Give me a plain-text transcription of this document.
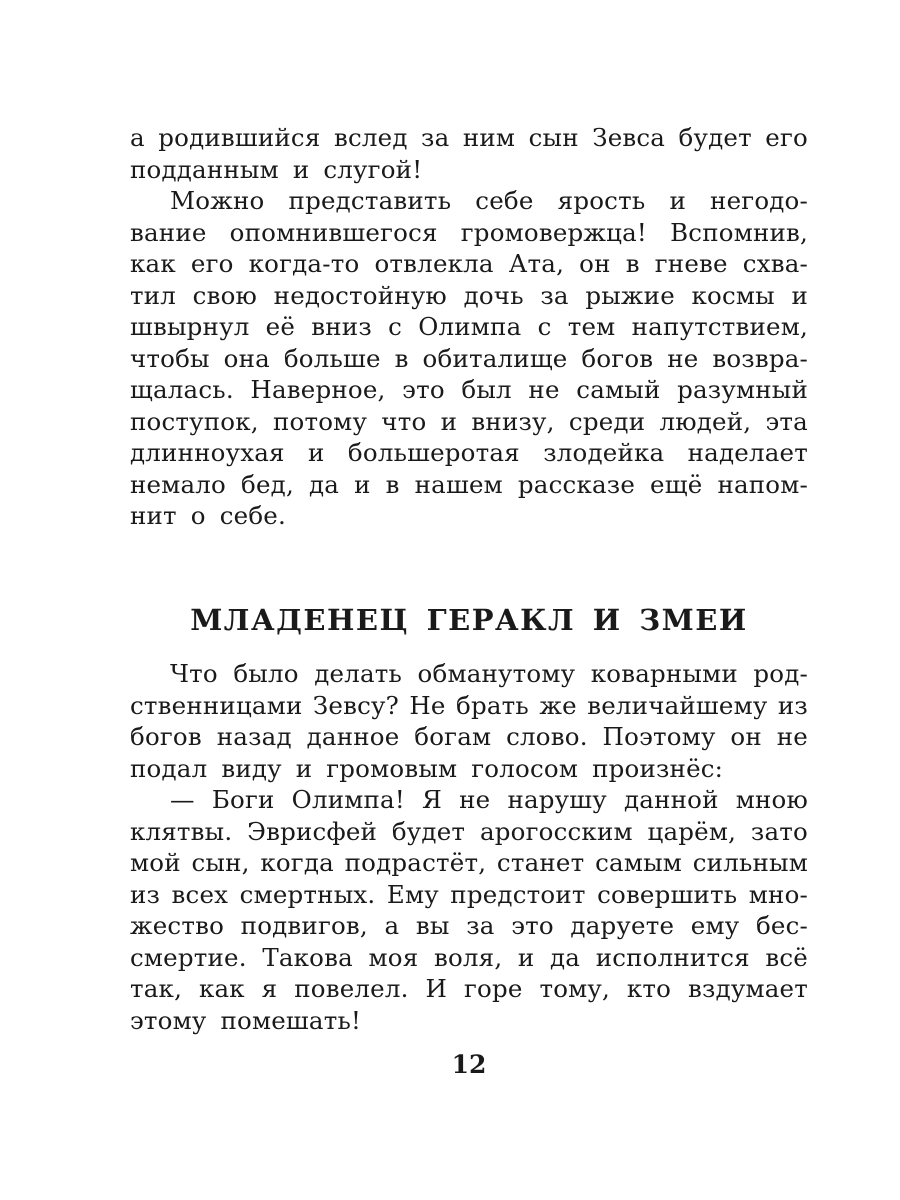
а родившийся вслед за ним сын Зевса будет его
подданным и слугой!
Можно представить себе ярость и негодо-
вание опомнившегося громовержца! Вспомнив,
как его когда-то отвлекла Ата, он в гневе схва-
тил свою недостойную дочь за рыжие космы и
швырнул её вниз с Олимпа с тем напутствием,
чтобы она больше в обиталище богов не возвра-
щалась. Наверное, это был не самый разумный
поступок, потому что и внизу, среди людей, эта
длинноухая и большеротая злодейка наделает
немало бед, да и в нашем рассказе ещё напом-
нит о себе.
МЛАДЕНЕЦ ГЕРАКЛ И ЗМЕИ
Что было делать обманутому коварными род-
ственницами Зевсу? Не брать же величайшему из
богов назад данное богам слово. Поэтому он не
подал виду и громовым голосом произнёс:
— Боги Олимпа! Я не нарушу данной мною
клятвы. Эврисфей будет арогосским царём, зато
мой сын, когда подрастёт, станет самым сильным
из всех смертных. Ему предстоит совершить мно-
жество подвигов, а вы за это даруете ему бес-
смертие. Такова моя воля, и да исполнится всё
так, как я повелел. И горе тому, кто вздумает
этому помешать!
12
